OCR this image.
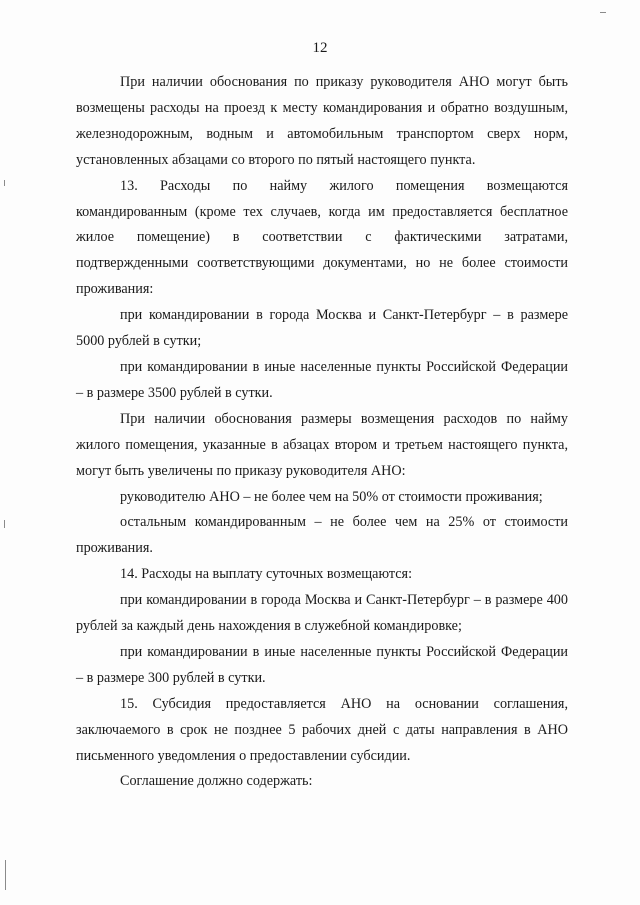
12

При наличии обоснования по приказу руководителя АНО могут быть возмещены расходы на проезд к месту командирования и обратно воздушным, железнодорожным, водным и автомобильным транспортом сверх норм, установленных абзацами со второго по пятый настоящего пункта.

13. Расходы по найму жилого помещения возмещаются командированным (кроме тех случаев, когда им предоставляется бесплатное жилое помещение) в соответствии с фактическими затратами, подтвержденными соответствующими документами, но не более стоимости проживания:

при командировании в города Москва и Санкт-Петербург – в размере 5000 рублей в сутки;

при командировании в иные населенные пункты Российской Федерации – в размере 3500 рублей в сутки.

При наличии обоснования размеры возмещения расходов по найму жилого помещения, указанные в абзацах втором и третьем настоящего пункта, могут быть увеличены по приказу руководителя АНО:

руководителю АНО – не более чем на 50% от стоимости проживания;

остальным командированным – не более чем на 25% от стоимости проживания.

14. Расходы на выплату суточных возмещаются:

при командировании в города Москва и Санкт-Петербург – в размере 400 рублей за каждый день нахождения в служебной командировке;

при командировании в иные населенные пункты Российской Федерации – в размере 300 рублей в сутки.

15. Субсидия предоставляется АНО на основании соглашения, заключаемого в срок не позднее 5 рабочих дней с даты направления в АНО письменного уведомления о предоставлении субсидии.

Соглашение должно содержать:
